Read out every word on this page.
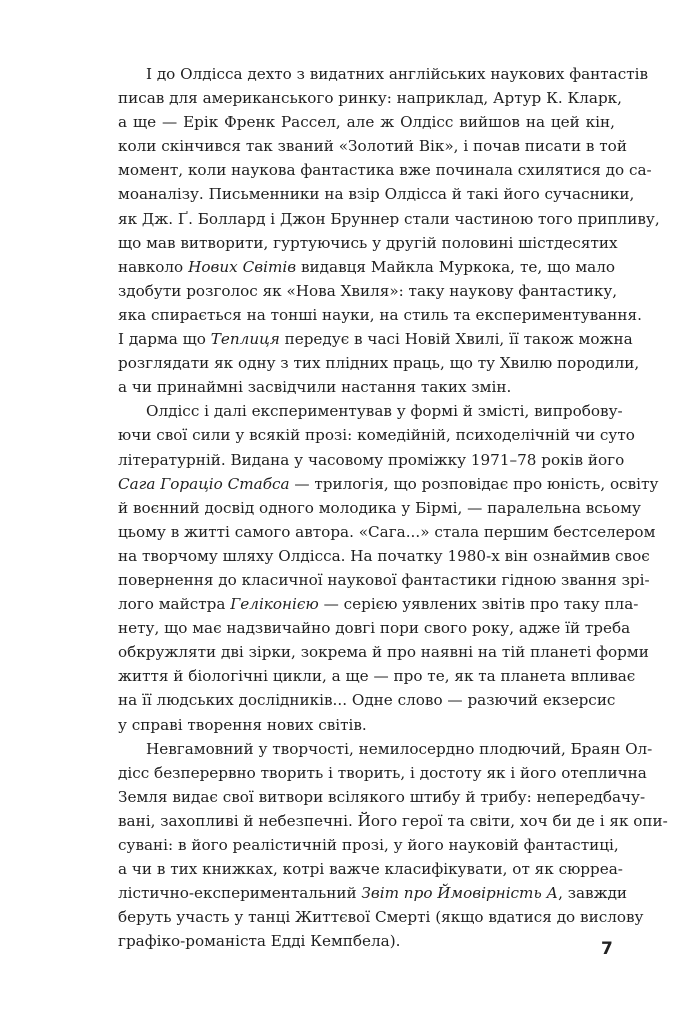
І до Олдісса дехто з видатних англійських наукових фантастів
писав для американського ринку: наприклад, Артур К. Кларк,
а ще — Ерік Френк Рассел, але ж Олдісс вийшов на цей кін,
коли скінчився так званий «Золотий Вік», і почав писати в той
момент, коли наукова фантастика вже починала схилятися до са-
моаналізу. Письменники на взір Олдісса й такі його сучасники,
як Дж. Ґ. Боллард і Джон Бруннер стали частиною того припливу,
що мав витворити, гуртуючись у другій половині шістдесятих
навколо Нових Світів видавця Майкла Муркока, те, що мало
здобути розголос як «Нова Хвиля»: таку наукову фантастику,
яка спирається на тонші науки, на стиль та експериментування.
І дарма що Теплиця передує в часі Новій Хвилі, її також можна
розглядати як одну з тих плідних праць, що ту Хвилю породили,
а чи принаймні засвідчили настання таких змін.
Олдісс і далі експериментував у формі й змісті, випробову-
ючи свої сили у всякій прозі: комедійній, психоделічній чи суто
літературній. Видана у часовому проміжку 1971–78 років його
Сага Гораціо Стабса — трилогія, що розповідає про юність, освіту
й воєнний досвід одного молодика у Бірмі, — паралельна всьому
цьому в житті самого автора. «Сага...» стала першим бестселером
на творчому шляху Олдісса. На початку 1980-х він ознаймив своє
повернення до класичної наукової фантастики гідною звання зрі-
лого майстра Геліконією — серією уявлених звітів про таку пла-
нету, що має надзвичайно довгі пори свого року, адже їй треба
обкружляти дві зірки, зокрема й про наявні на тій планеті форми
життя й біологічні цикли, а ще — про те, як та планета впливає
на її людських дослідників... Одне слово — разючий екзерсис
у справі творення нових світів.
Невгамовний у творчості, немилосердно плодючий, Браян Ол-
дісс безперервно творить і творить, і достоту як і його отеплична
Земля видає свої витвори всілякого штибу й трибу: непередбачу-
вані, захопливі й небезпечні. Його герої та світи, хоч би де і як опи-
сувані: в його реалістичній прозі, у його науковій фантастиці,
а чи в тих книжках, котрі важче класифікувати, от як сюрреа-
лістично-експериментальний Звіт про Ймовірність А, завжди
беруть участь у танці Життєвої Смерті (якщо вдатися до вислову
графіко-романіста Едді Кемпбела).	7
